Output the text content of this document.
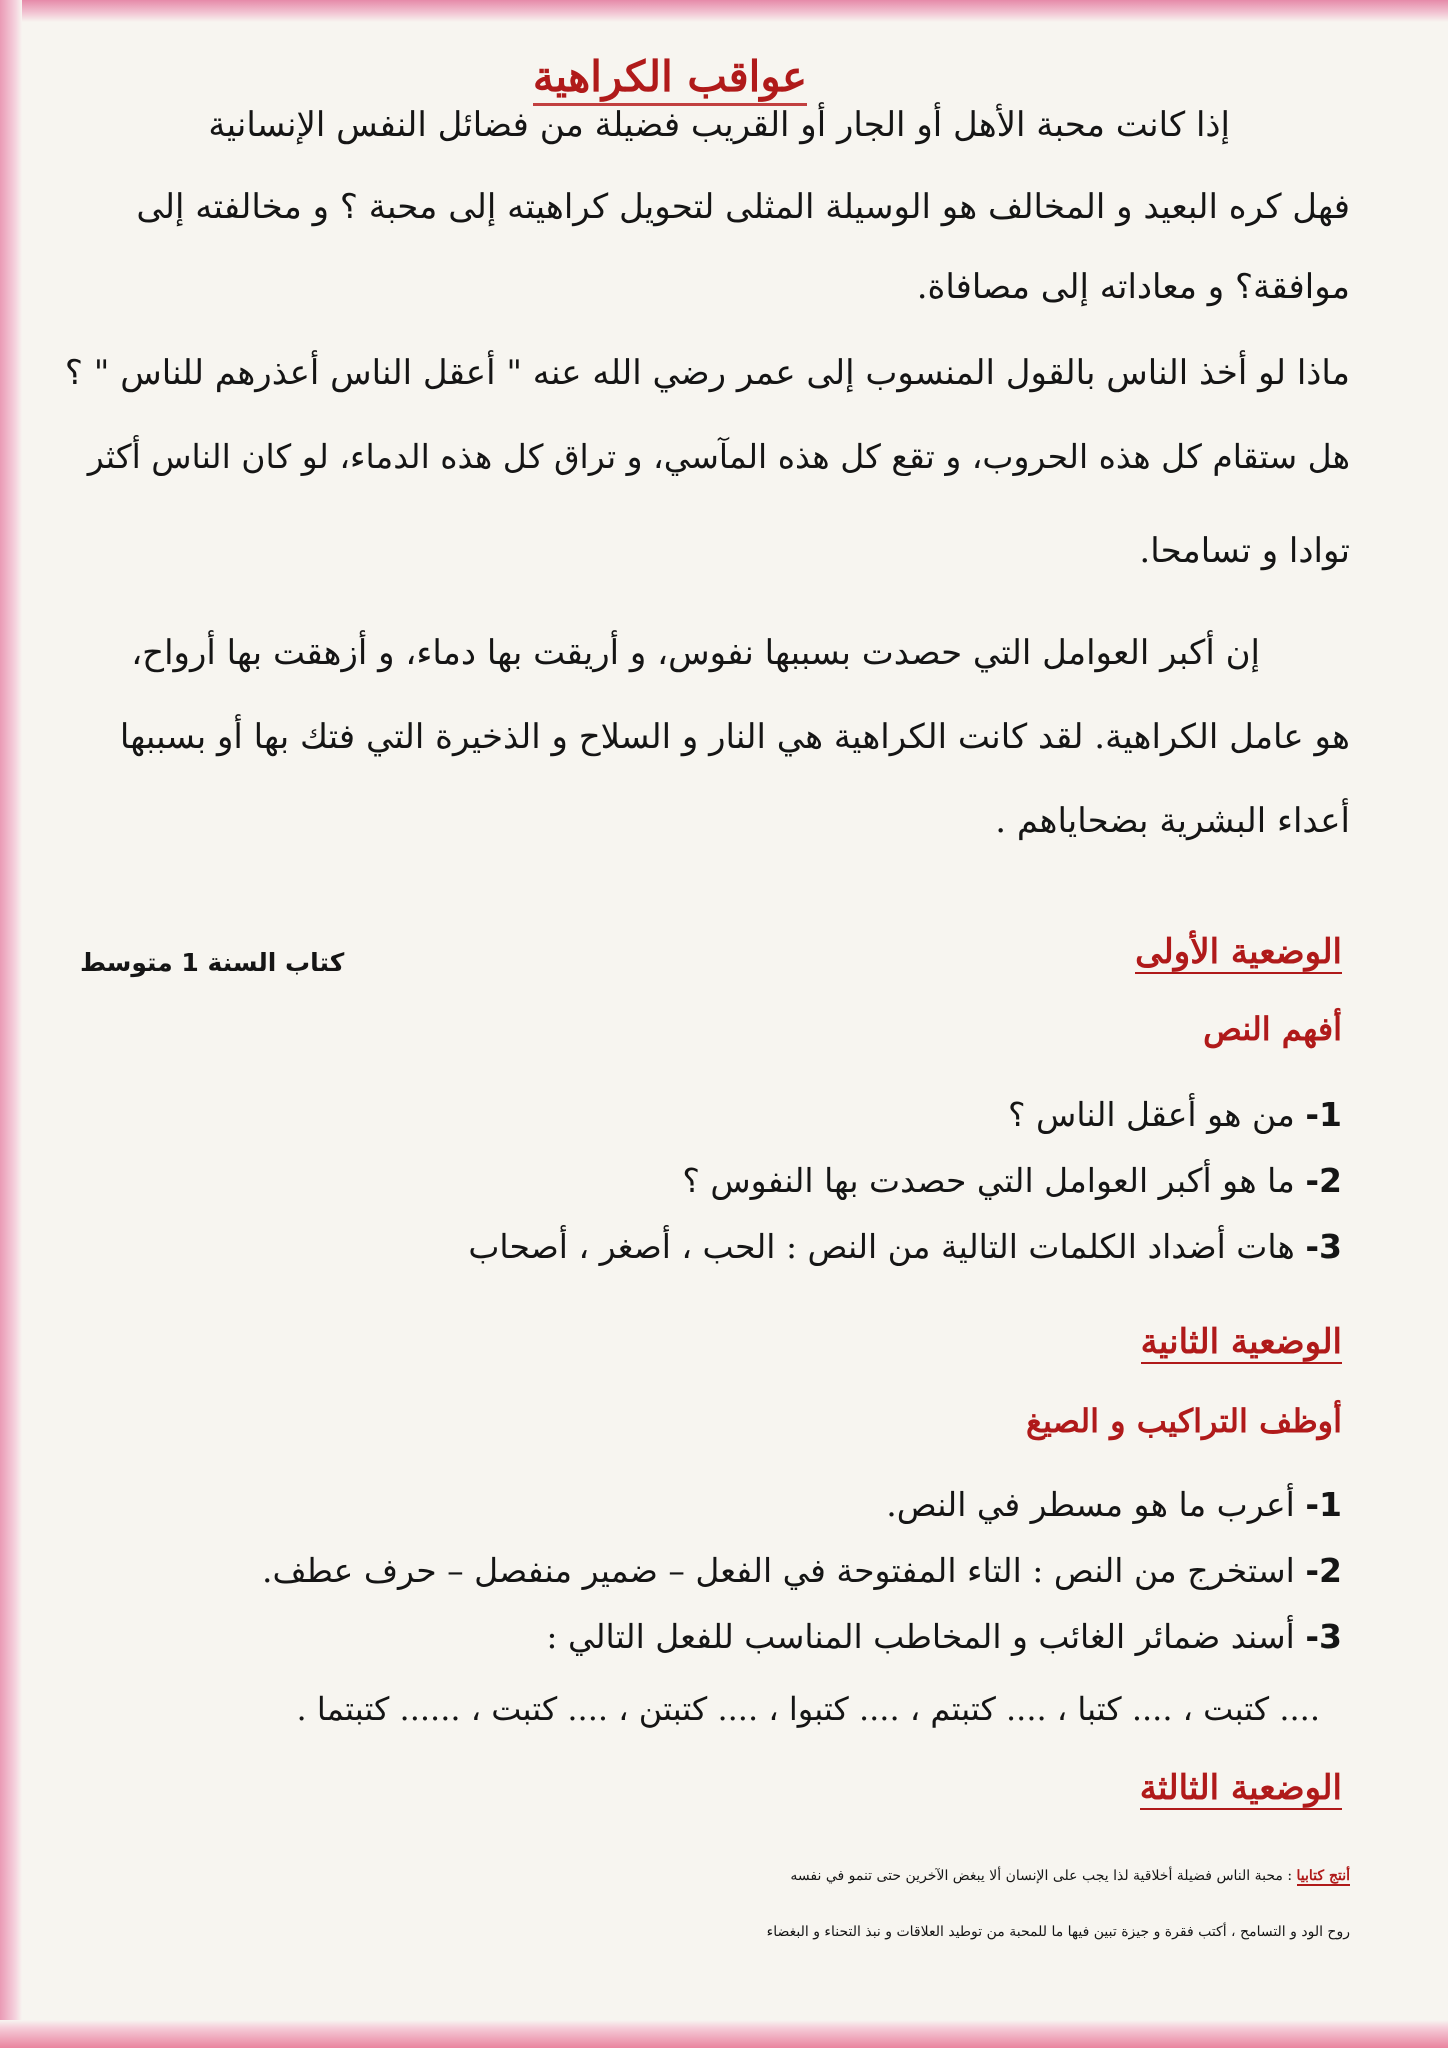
عواقب الكراهية

إذا كانت محبة الأهل أو الجار أو القريب فضيلة من فضائل النفس الإنسانية

فهل كره البعيد و المخالف هو الوسيلة المثلى لتحويل كراهيته إلى محبة ؟ و مخالفته إلى

موافقة؟ و معاداته إلى مصافاة.

ماذا لو أخذ الناس بالقول المنسوب إلى عمر رضي الله عنه " أعقل الناس أعذرهم للناس " ؟

هل ستقام كل هذه الحروب، و تقع كل هذه المآسي، و تراق كل هذه الدماء، لو كان الناس أكثر

توادا و تسامحا.

إن أكبر العوامل التي حصدت بسببها نفوس، و أريقت بها دماء، و أزهقت بها أرواح،

هو عامل الكراهية. لقد كانت الكراهية هي النار و السلاح و الذخيرة التي فتك بها أو بسببها

أعداء البشرية بضحاياهم .

كتاب السنة 1 متوسط	الوضعية الأولى
أفهم النص

1- من هو أعقل الناس ؟

2- ما هو أكبر العوامل التي حصدت بها النفوس ؟

3- هات أضداد الكلمات التالية من النص : الحب ، أصغر ، أصحاب

الوضعية الثانية
أوظف التراكيب و الصيغ

1- أعرب ما هو مسطر في النص.

2- استخرج من النص : التاء المفتوحة في الفعل – ضمير منفصل – حرف عطف.

3- أسند ضمائر الغائب و المخاطب المناسب للفعل التالي :

.... كتبت ، .... كتبا ، .... كتبتم ، .... كتبوا ، .... كتبتن ، .... كتبت ، ...... كتبتما .

الوضعية الثالثة

أنتج كتابيا : محبة الناس فضيلة أخلاقية لذا يجب على الإنسان ألا يبغض الآخرين حتى تنمو في نفسه

روح الود و التسامح ، أكتب فقرة و جيزة تبين فيها ما للمحبة من توطيد العلاقات و نبذ التحناء و البغضاء
